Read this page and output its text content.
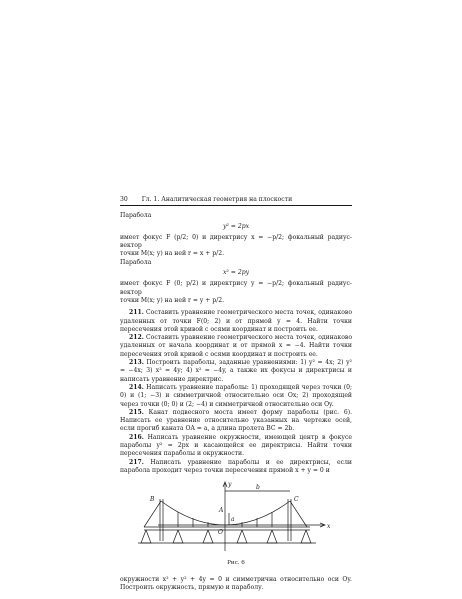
30 Гл. 1. Аналитическая геометрия на плоскости
Парабола
y² = 2px
имеет фокус F (p/2; 0) и директрису x = −p/2; фокальный радиус-вектор
точки M(x; y) на ней r = x + p/2.
Парабола
x² = 2py
имеет фокус F (0; p/2) и директрису y = −p/2; фокальный радиус-вектор
точки M(x; y) на ней r = y + p/2.
211. Составить уравнение геометрического места точек, одинаково удаленных от точки F(0; 2) и от прямой y = 4. Найти точки пересечения этой кривой с осями координат и построить ее.
212. Составить уравнение геометрического места точек, одинаково удаленных от начала координат и от прямой x = −4. Найти точки пересечения этой кривой с осями координат и построить ее.
213. Построить параболы, заданные уравнениями: 1) y² = 4x; 2) y² = −4x; 3) x² = 4y; 4) x² = −4y, а также их фокусы и директрисы и написать уравнение директрис.
214. Написать уравнение параболы: 1) проходящей через точки (0; 0) и (1; −3) и симметричной относительно оси Ox; 2) проходящей через точки (0; 0) и (2; −4) и симметричной относительно оси Oy.
215. Канат подвесного моста имеет форму параболы (рис. 6). Написать ее уравнение относительно указанных на чертеже осей, если прогиб каната OA = a, а длина пролета BC = 2b.
216. Написать уравнение окружности, имеющей центр в фокусе параболы y² = 2px и касающейся ее директрисы. Найти точки пересечения параболы и окружности.
217. Написать уравнение параболы и ее директрисы, если парабола проходит через точки пересечения прямой x + y = 0 и
B	C
A
O
x
y
a
b
Рис. 6
окружности x² + y² + 4y = 0 и симметрична относительно оси Oy. Построить окружность, прямую и параболу.
